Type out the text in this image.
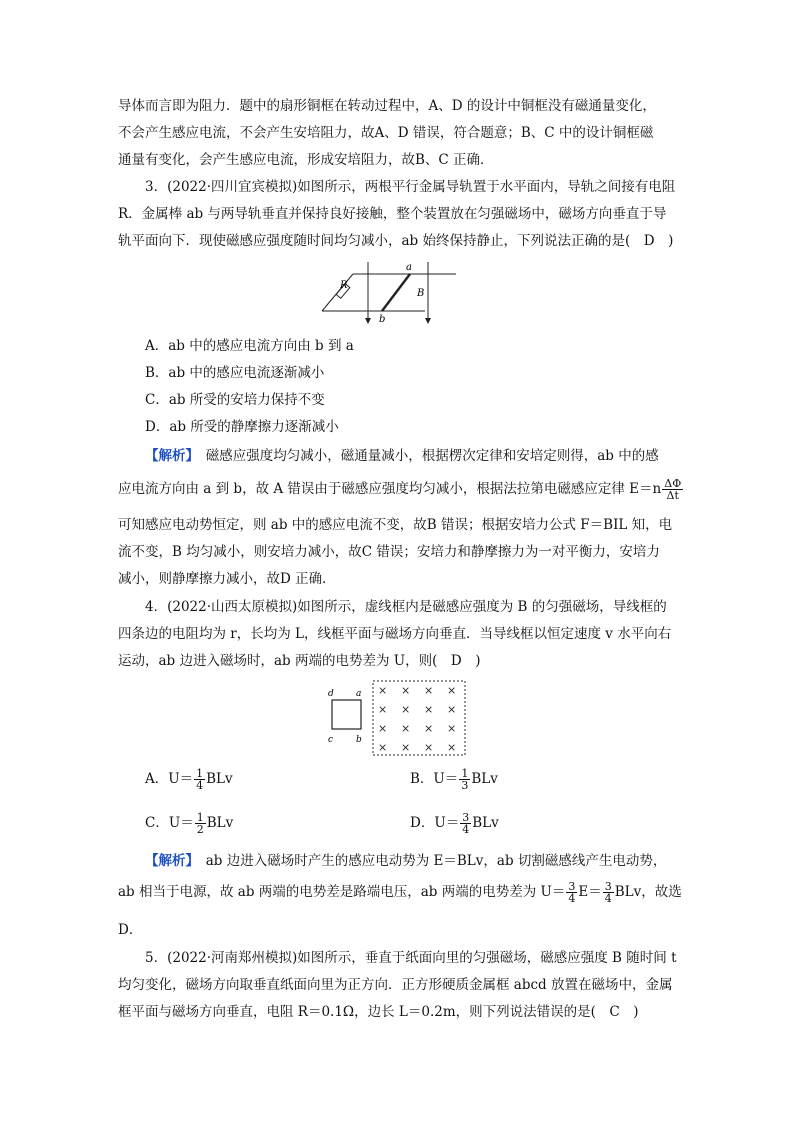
导体而言即为阻力．题中的扇形铜框在转动过程中，A、D 的设计中铜框没有磁通量变化，
不会产生感应电流，不会产生安培阻力，故A、D 错误，符合题意；B、C 中的设计铜框磁
通量有变化，会产生感应电流，形成安培阻力，故B、C 正确．
3．(2022·四川宜宾模拟)如图所示，两根平行金属导轨置于水平面内，导轨之间接有电阻
R．金属棒 ab 与两导轨垂直并保持良好接触，整个装置放在匀强磁场中，磁场方向垂直于导
轨平面向下．现使磁感应强度随时间均匀减小，ab 始终保持静止，下列说法正确的是(　D　)
R
a
b
B
A．ab 中的感应电流方向由 b 到 a
B．ab 中的感应电流逐渐减小
C．ab 所受的安培力保持不变
D．ab 所受的静摩擦力逐渐减小
【解析】　磁感应强度均匀减小，磁通量减小，根据楞次定律和安培定则得，ab 中的感
应电流方向由 a 到 b，故 A 错误由于磁感应强度均匀减小，根据法拉第电磁感应定律 $E=n \frac{\Delta\Phi}{\Delta t}$
可知感应电动势恒定，则 ab 中的感应电流不变，故B 错误；根据安培力公式 F＝BIL 知，电
流不变，B 均匀减小，则安培力减小，故C 错误；安培力和静摩擦力为一对平衡力，安培力
减小，则静摩擦力减小，故D 正确．
4．(2022·山西太原模拟)如图所示，虚线框内是磁感应强度为 B 的匀强磁场，导线框的
四条边的电阻均为 r，长均为 L，线框平面与磁场方向垂直．当导线框以恒定速度 v 水平向右
运动，ab 边进入磁场时，ab 两端的电势差为 U，则(　D　)
d a
c	b
× × × ×
× × × ×
× × × ×
× × × ×
A．$U= \frac{1}{4}$ BLv	B．$U= \frac{1}{3}$ BLv
C．$U= \frac{1}{2}$ BLv	D．$U= \frac{3}{4}$ BLv
【解析】　ab 边进入磁场时产生的感应电动势为 E＝BLv，ab 切割磁感线产生电动势，
ab 相当于电源，故 ab 两端的电势差是路端电压，ab 两端的电势差为 $U= \frac{3}{4} E= \frac{3}{4}$ BLv，故选
D．
5．(2022·河南郑州模拟)如图所示，垂直于纸面向里的匀强磁场，磁感应强度 B 随时间 t
均匀变化，磁场方向取垂直纸面向里为正方向．正方形硬质金属框 abcd 放置在磁场中，金属
框平面与磁场方向垂直，电阻 R＝0.1Ω，边长 L＝0.2m，则下列说法错误的是(　C　)
